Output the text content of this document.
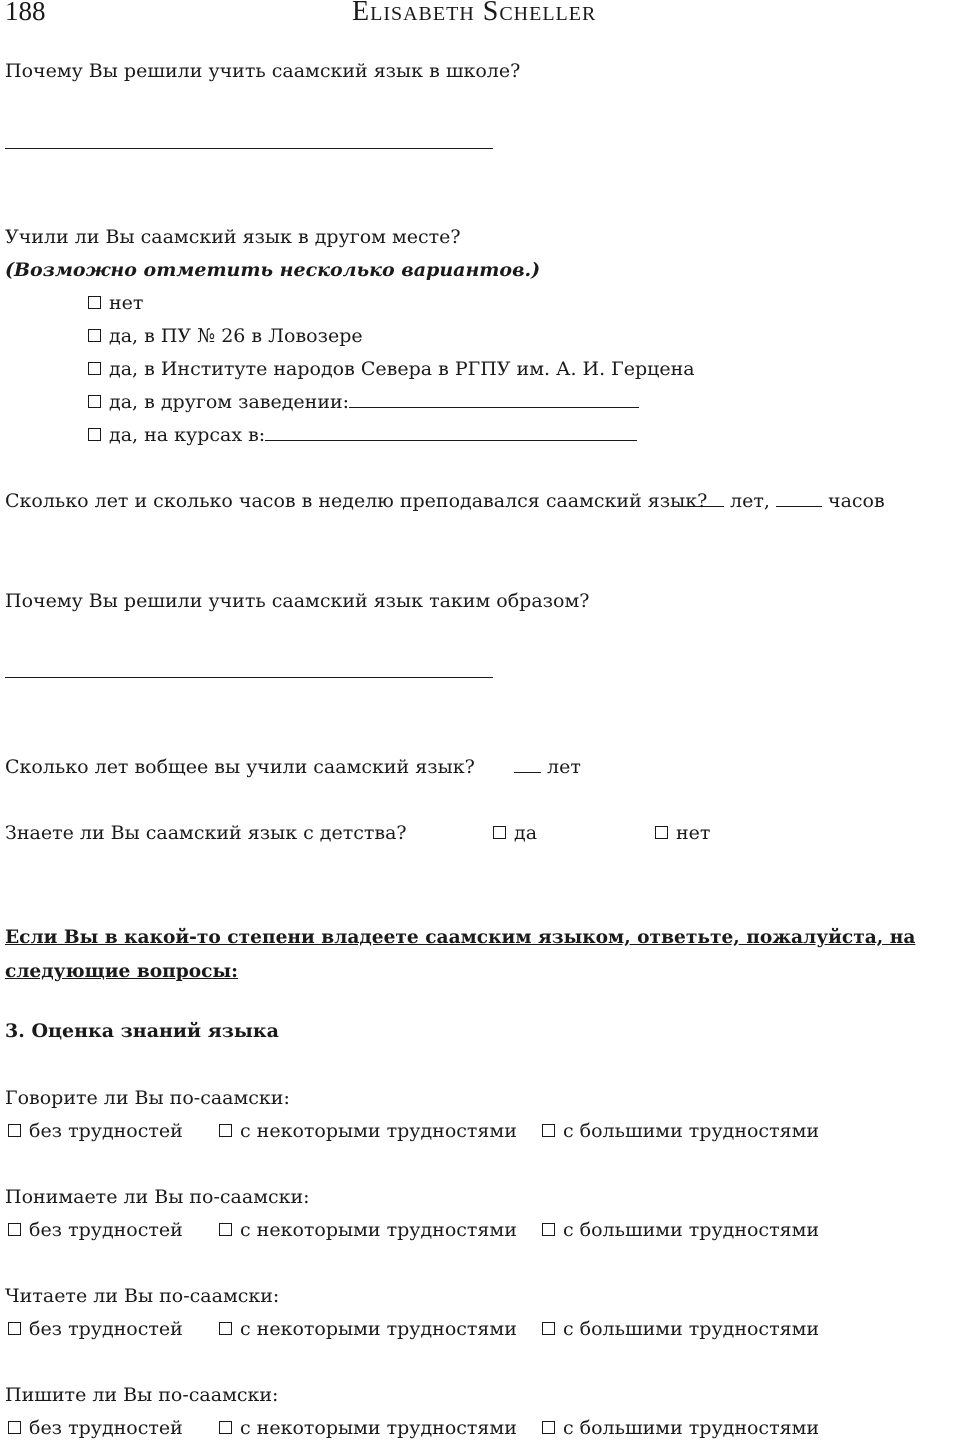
188	Elisabeth Scheller
Почему Вы решили учить саамский язык в школе?
Учили ли Вы саамский язык в другом месте?
(Возможно отметить несколько вариантов.)
нет
да, в ПУ № 26 в Ловозере
да, в Институте народов Севера в РГПУ им. А. И. Герцена
да, в другом заведении:
да, на курсах в:
Сколько лет и сколько часов в неделю преподавался саамский язык?	лет,	часов
Почему Вы решили учить саамский язык таким образом?
Сколько лет вобщее вы учили саамский язык?	лет
Знаете ли Вы саамский язык с детства?	да	нет
Если Вы в какой-то степени владеете саамским языком, ответьте, пожалуйста, на следующие вопросы:
3. Оценка знаний языка
Говорите ли Вы по-саамски:
без трудностей	с некоторыми трудностями	с большими трудностями
Понимаете ли Вы по-саамски:
без трудностей	с некоторыми трудностями	с большими трудностями
Читаете ли Вы по-саамски:
без трудностей	с некоторыми трудностями	с большими трудностями
Пишите ли Вы по-саамски:
без трудностей	с некоторыми трудностями	с большими трудностями
